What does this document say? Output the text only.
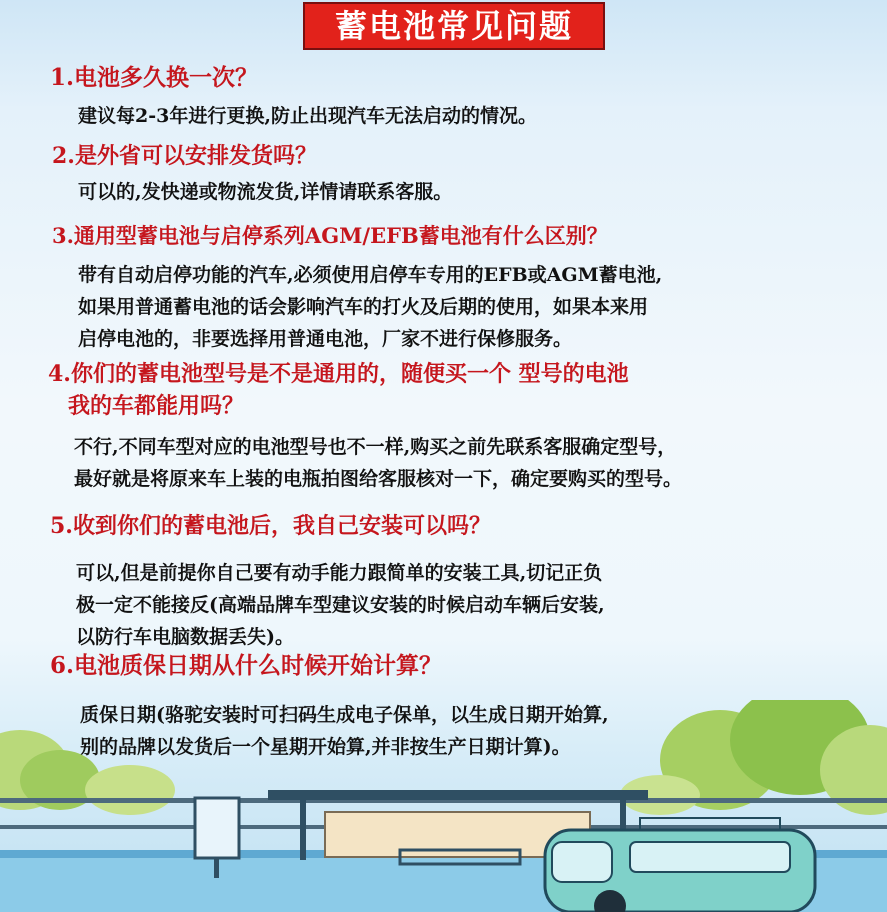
蓄电池常见问题
1.电池多久换一次？
建议每2-3年进行更换,防止出现汽车无法启动的情况。
2.是外省可以安排发货吗？
可以的,发快递或物流发货,详情请联系客服。
3.通用型蓄电池与启停系列AGM/EFB蓄电池有什么区别？
带有自动启停功能的汽车,必须使用启停车专用的EFB或AGM蓄电池,
如果用普通蓄电池的话会影响汽车的打火及后期的使用，如果本来用
启停电池的，非要选择用普通电池，厂家不进行保修服务。
4.你们的蓄电池型号是不是通用的，随便买一个 型号的电池
我的车都能用吗？
不行,不同车型对应的电池型号也不一样,购买之前先联系客服确定型号，
最好就是将原来车上装的电瓶拍图给客服核对一下，确定要购买的型号。
5.收到你们的蓄电池后，我自己安装可以吗？
可以,但是前提你自己要有动手能力跟简单的安装工具,切记正负
极一定不能接反(高端品牌车型建议安装的时候启动车辆后安装,
以防行车电脑数据丢失)。
6.电池质保日期从什么时候开始计算？
质保日期(骆驼安装时可扫码生成电子保单，以生成日期开始算,
别的品牌以发货后一个星期开始算,并非按生产日期计算)。
